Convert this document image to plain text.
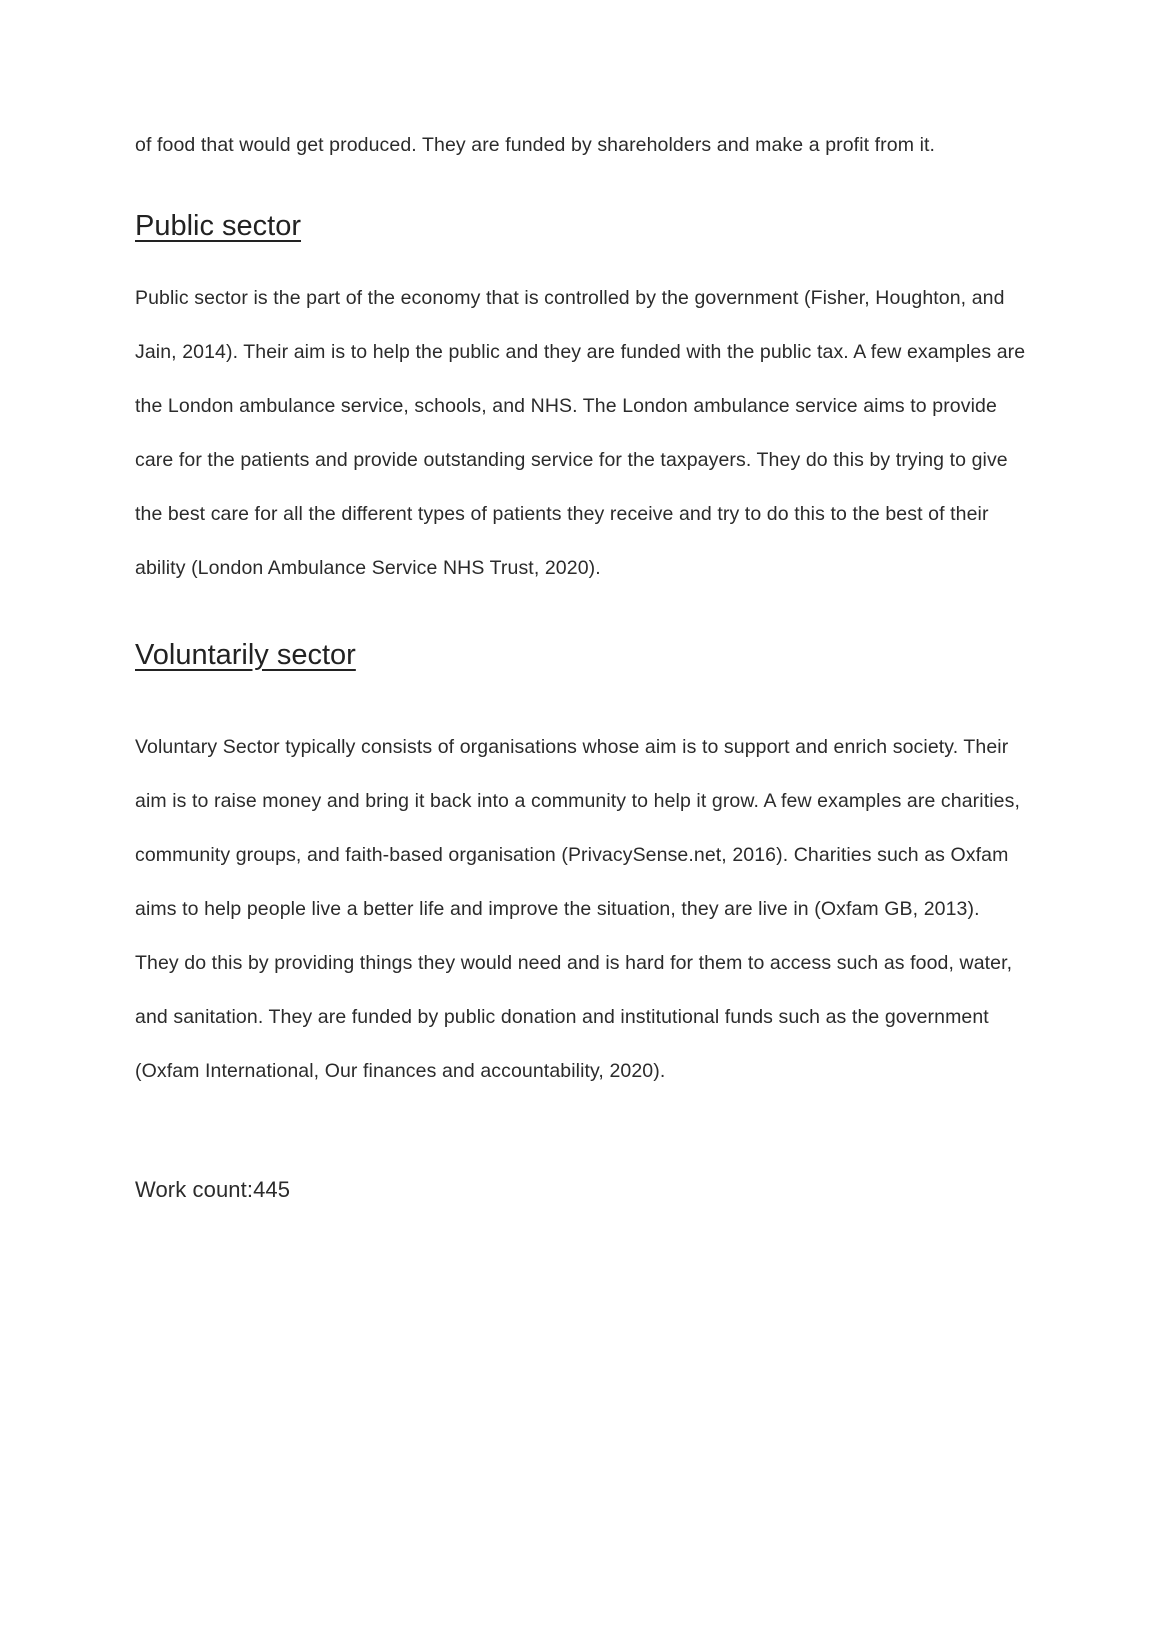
of food that would get produced. They are funded by shareholders and make a profit from it.

Public sector

Public sector is the part of the economy that is controlled by the government (Fisher, Houghton, and Jain, 2014). Their aim is to help the public and they are funded with the public tax. A few examples are the London ambulance service, schools, and NHS. The London ambulance service aims to provide care for the patients and provide outstanding service for the taxpayers. They do this by trying to give the best care for all the different types of patients they receive and try to do this to the best of their ability (London Ambulance Service NHS Trust, 2020).

Voluntarily sector

Voluntary Sector typically consists of organisations whose aim is to support and enrich society. Their aim is to raise money and bring it back into a community to help it grow. A few examples are charities, community groups, and faith-based organisation (PrivacySense.net, 2016). Charities such as Oxfam aims to help people live a better life and improve the situation, they are live in (Oxfam GB, 2013). They do this by providing things they would need and is hard for them to access such as food, water, and sanitation. They are funded by public donation and institutional funds such as the government (Oxfam International, Our finances and accountability, 2020).

Work count:445
